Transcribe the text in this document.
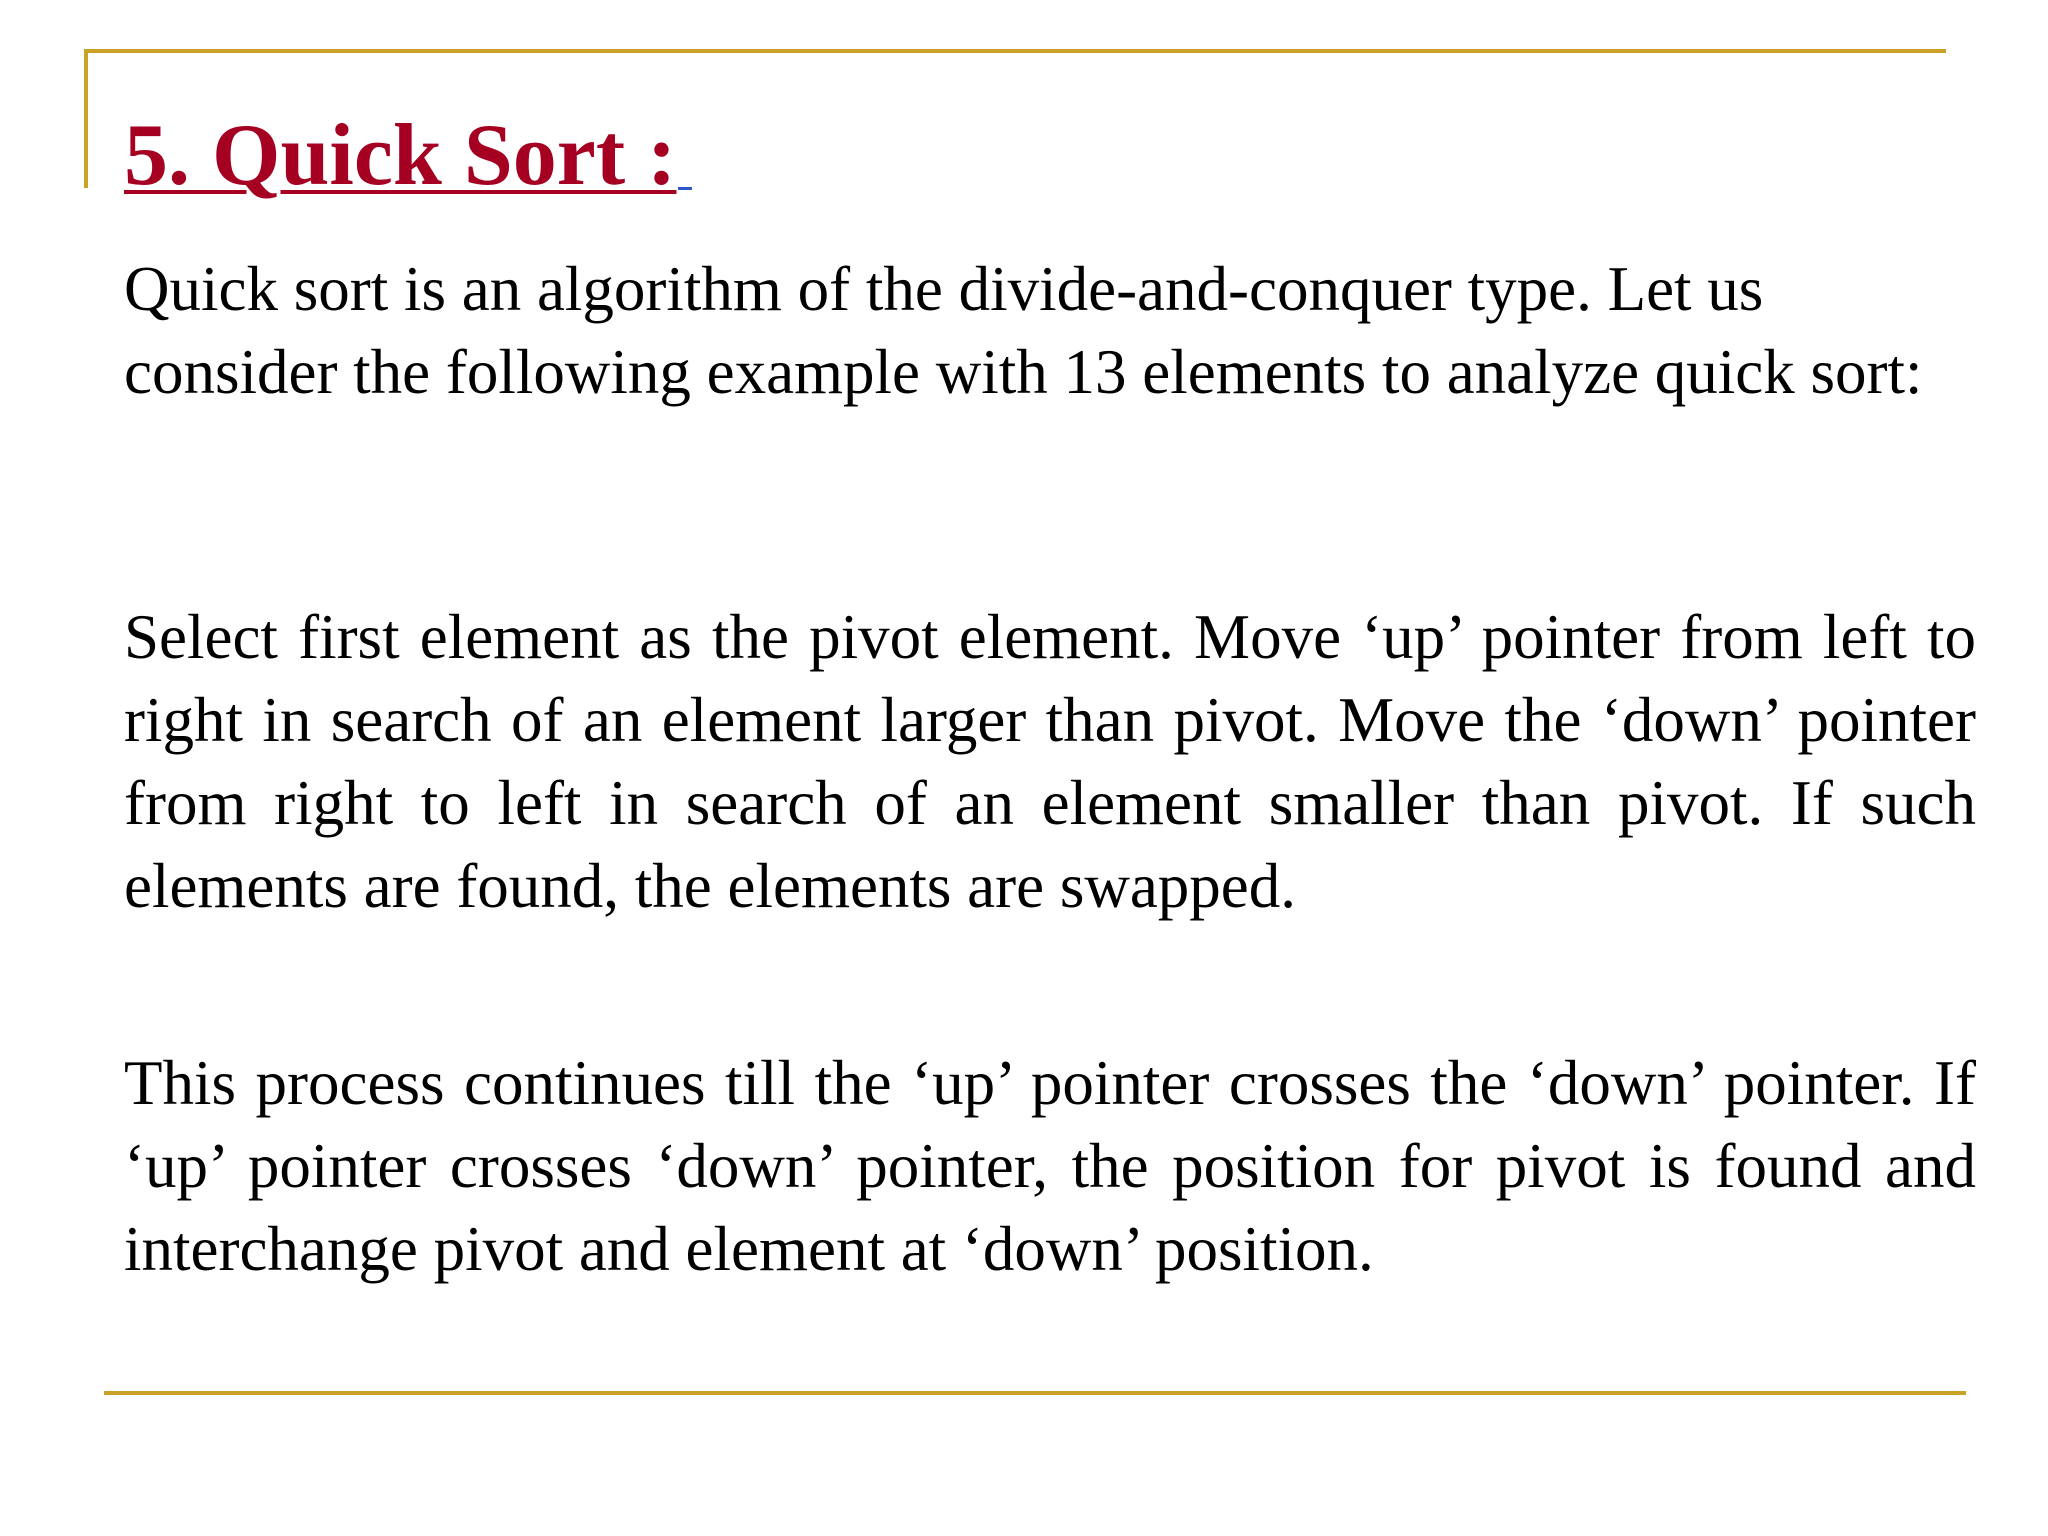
5. Quick Sort :

Quick sort is an algorithm of the divide-and-conquer type. Let us consider the following example with 13 elements to analyze quick sort:

Select first element as the pivot element. Move ‘up’ pointer from left to right in search of an element larger than pivot. Move the ‘down’ pointer from right to left in search of an element smaller than pivot. If such elements are found, the elements are swapped.

This process continues till the ‘up’ pointer crosses the ‘down’ pointer. If ‘up’ pointer crosses ‘down’ pointer, the position for pivot is found and interchange pivot and element at ‘down’ position.
